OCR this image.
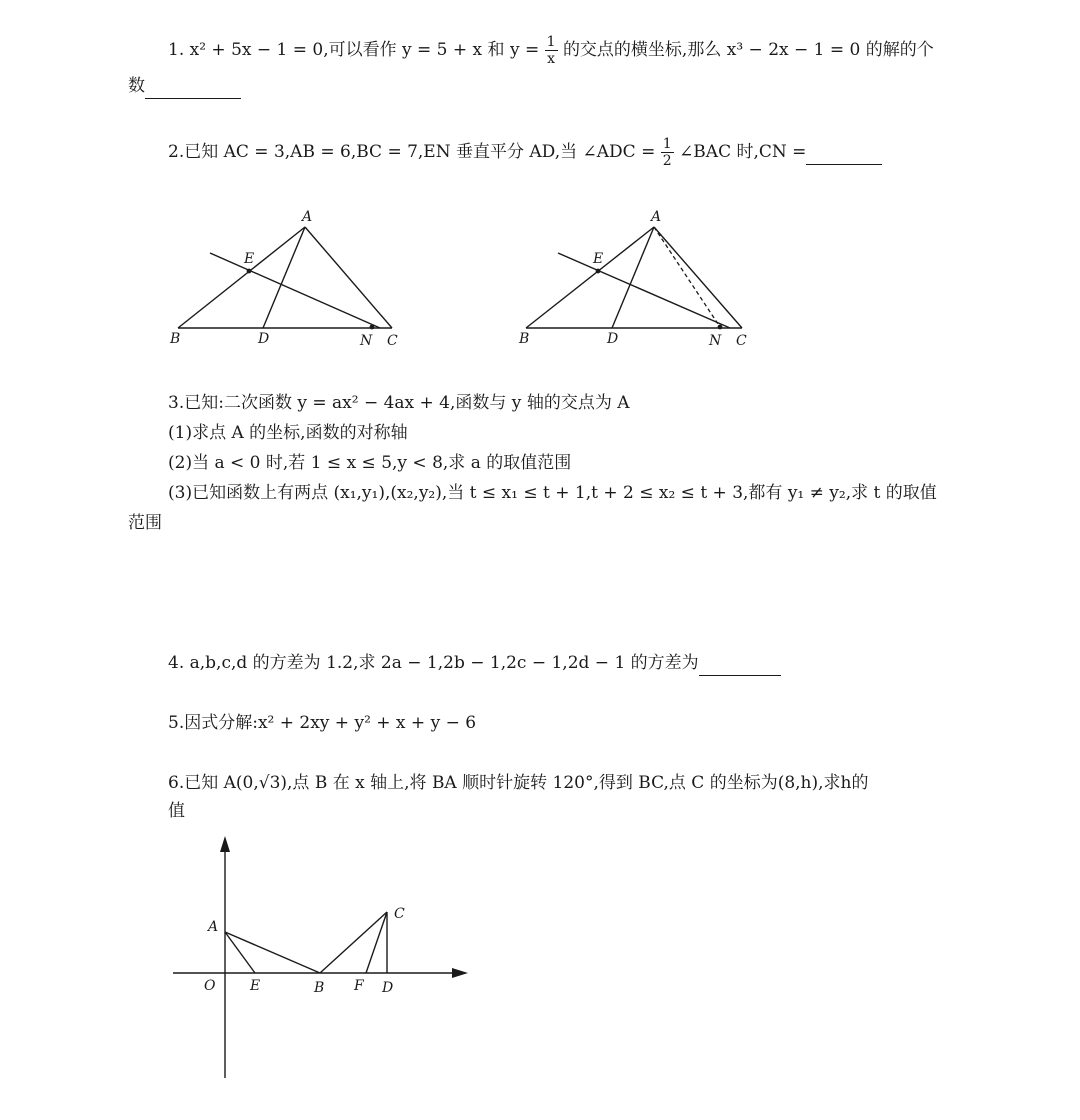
1. x² + 5x − 1 = 0,可以看作 y = 5 + x 和 $y = \frac{1}{x}$ 的交点的横坐标,那么 x³ − 2x − 1 = 0 的解的个
数
2.已知 AC = 3,AB = 6,BC = 7,EN 垂直平分 AD,当 ∠ADC = $\frac{1}{2}$ ∠BAC 时,CN =
A
E
B	D	N C
A
E
B	D	N C
3.已知:二次函数 y = ax² − 4ax + 4,函数与 y 轴的交点为 A
(1)求点 A 的坐标,函数的对称轴
(2)当 a < 0 时,若 1 ≤ x ≤ 5,y < 8,求 a 的取值范围
(3)已知函数上有两点 (x₁,y₁),(x₂,y₂),当 t ≤ x₁ ≤ t + 1,t + 2 ≤ x₂ ≤ t + 3,都有 y₁ ≠ y₂,求 t 的取值
范围
4. a,b,c,d 的方差为 1.2,求 2a − 1,2b − 1,2c − 1,2d − 1 的方差为
5.因式分解:x² + 2xy + y² + x + y − 6
6.已知 A(0,√3),点 B 在 x 轴上,将 BA 顺时针旋转 120°,得到 BC,点 C 的坐标为(8,h),求h的
值
A
O E	B F D
C
